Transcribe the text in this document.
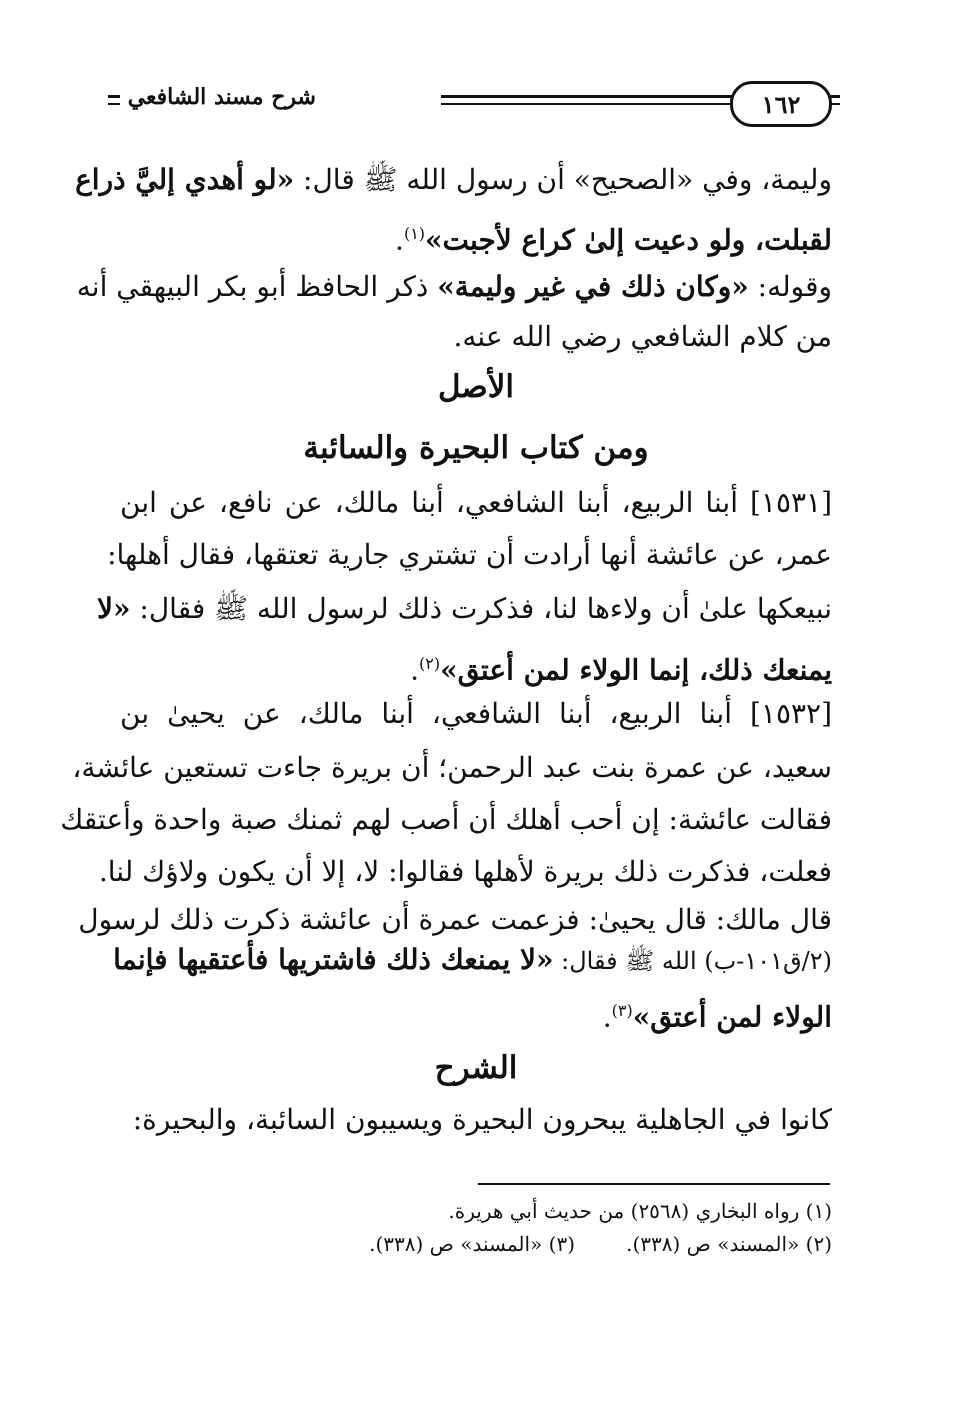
١٦٢
شرح مسند الشافعي
وليمة، وفي «الصحيح» أن رسول الله ﷺ قال: «لو أهدي إليَّ ذراع
لقبلت، ولو دعيت إلىٰ كراع لأجبت»$^{(١)}$.
وقوله: «وكان ذلك في غير وليمة» ذكر الحافظ أبو بكر البيهقي أنه
من كلام الشافعي رضي الله عنه.
الأصل
ومن كتاب البحيرة والسائبة
[١٥٣١] أبنا الربيع، أبنا الشافعي، أبنا مالك، عن نافع، عن ابن
عمر، عن عائشة أنها أرادت أن تشتري جارية تعتقها، فقال أهلها:
نبيعكها علىٰ أن ولاءها لنا، فذكرت ذلك لرسول الله ﷺ فقال: «لا
يمنعك ذلك، إنما الولاء لمن أعتق»$^{(٢)}$.
[١٥٣٢] أبنا الربيع، أبنا الشافعي، أبنا مالك، عن يحيىٰ بن
سعيد، عن عمرة بنت عبد الرحمن؛ أن بريرة جاءت تستعين عائشة،
فقالت عائشة: إن أحب أهلك أن أصب لهم ثمنك صبة واحدة وأعتقك
فعلت، فذكرت ذلك بريرة لأهلها فقالوا: لا، إلا أن يكون ولاؤك لنا.
قال مالك: قال يحيىٰ: فزعمت عمرة أن عائشة ذكرت ذلك لرسول
(٢/ق١٠١-ب) الله ﷺ فقال: «لا يمنعك ذلك فاشتريها فأعتقيها فإنما
الولاء لمن أعتق»$^{(٣)}$.
الشرح
كانوا في الجاهلية يبحرون البحيرة ويسيبون السائبة، والبحيرة:
(١) رواه البخاري (٢٥٦٨) من حديث أبي هريرة.
(٢) «المسند» ص (٣٣٨).
(٣) «المسند» ص (٣٣٨).
